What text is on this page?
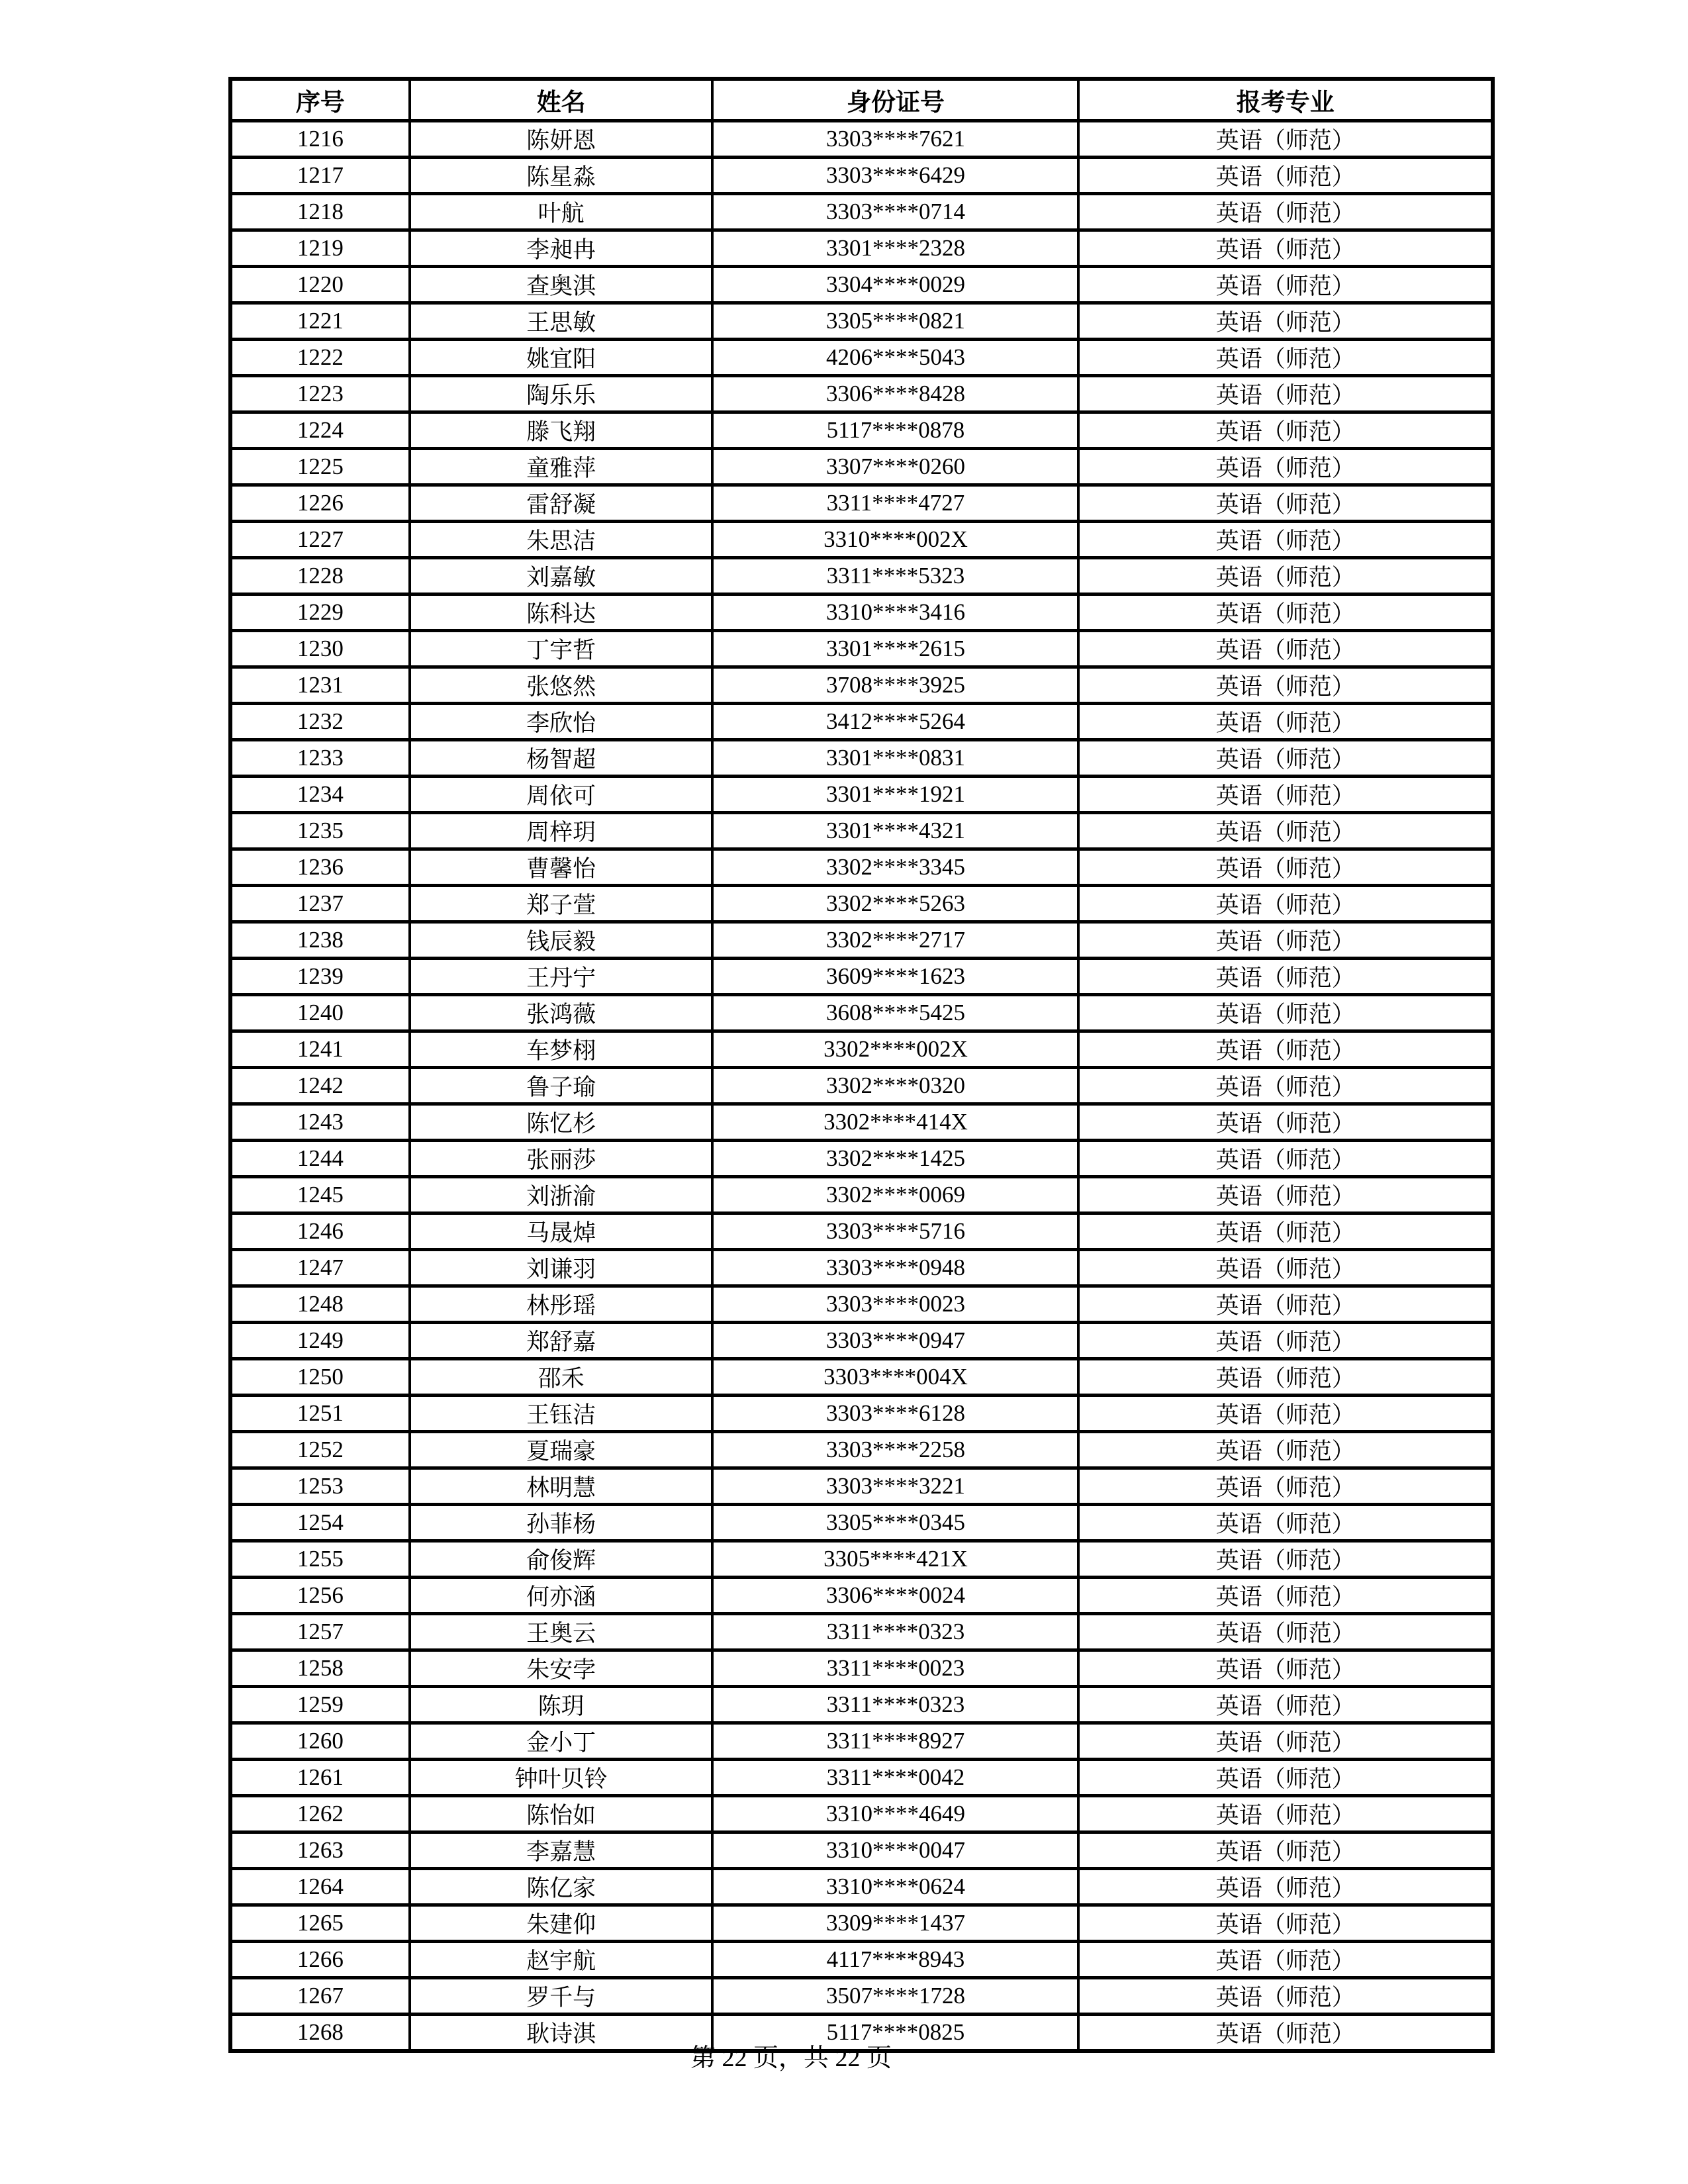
序号	姓名	身份证号	报考专业
1216	陈妍恩	3303****7621	英语（师范）
1217	陈星淼	3303****6429	英语（师范）
1218	叶航	3303****0714	英语（师范）
1219	李昶冉	3301****2328	英语（师范）
1220	查奥淇	3304****0029	英语（师范）
1221	王思敏	3305****0821	英语（师范）
1222	姚宜阳	4206****5043	英语（师范）
1223	陶乐乐	3306****8428	英语（师范）
1224	滕飞翔	5117****0878	英语（师范）
1225	童雅萍	3307****0260	英语（师范）
1226	雷舒凝	3311****4727	英语（师范）
1227	朱思洁	3310****002X	英语（师范）
1228	刘嘉敏	3311****5323	英语（师范）
1229	陈科达	3310****3416	英语（师范）
1230	丁宇哲	3301****2615	英语（师范）
1231	张悠然	3708****3925	英语（师范）
1232	李欣怡	3412****5264	英语（师范）
1233	杨智超	3301****0831	英语（师范）
1234	周依可	3301****1921	英语（师范）
1235	周梓玥	3301****4321	英语（师范）
1236	曹馨怡	3302****3345	英语（师范）
1237	郑子萱	3302****5263	英语（师范）
1238	钱辰毅	3302****2717	英语（师范）
1239	王丹宁	3609****1623	英语（师范）
1240	张鸿薇	3608****5425	英语（师范）
1241	车梦栩	3302****002X	英语（师范）
1242	鲁子瑜	3302****0320	英语（师范）
1243	陈忆杉	3302****414X	英语（师范）
1244	张丽莎	3302****1425	英语（师范）
1245	刘浙渝	3302****0069	英语（师范）
1246	马晟焯	3303****5716	英语（师范）
1247	刘谦羽	3303****0948	英语（师范）
1248	林彤瑶	3303****0023	英语（师范）
1249	郑舒嘉	3303****0947	英语（师范）
1250	邵禾	3303****004X	英语（师范）
1251	王钰洁	3303****6128	英语（师范）
1252	夏瑞豪	3303****2258	英语（师范）
1253	林明慧	3303****3221	英语（师范）
1254	孙菲杨	3305****0345	英语（师范）
1255	俞俊辉	3305****421X	英语（师范）
1256	何亦涵	3306****0024	英语（师范）
1257	王奥云	3311****0323	英语（师范）
1258	朱安孛	3311****0023	英语（师范）
1259	陈玥	3311****0323	英语（师范）
1260	金小丁	3311****8927	英语（师范）
1261	钟叶贝铃	3311****0042	英语（师范）
1262	陈怡如	3310****4649	英语（师范）
1263	李嘉慧	3310****0047	英语（师范）
1264	陈亿家	3310****0624	英语（师范）
1265	朱建仰	3309****1437	英语（师范）
1266	赵宇航	4117****8943	英语（师范）
1267	罗千与	3507****1728	英语（师范）
1268	耿诗淇	5117****0825	英语（师范）
第 22 页，共 22 页
